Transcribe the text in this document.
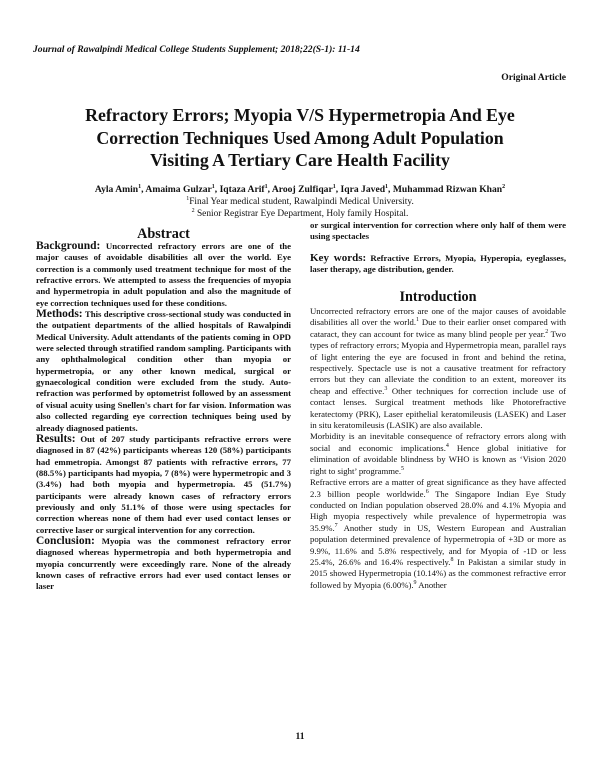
Journal of Rawalpindi Medical College Students Supplement; 2018;22(S-1): 11-14
Original Article
Refractory Errors; Myopia V/S Hypermetropia And Eye
Correction Techniques Used Among Adult Population
Visiting A Tertiary Care Health Facility
Ayla Amin$^1$, Amaima Gulzar$^1$, Iqtaza Arif$^1$, Arooj Zulfiqar$^1$, Iqra Javed$^1$, Muhammad Rizwan Khan$^2$
$^1$Final Year medical student, Rawalpindi Medical University.
$^2$ Senior Registrar Eye Department, Holy family Hospital.
Abstract
Background: Uncorrected refractory errors are one of the major causes of avoidable disabilities all over the world. Eye correction is a commonly used treatment technique for most of the refractive errors. We attempted to assess the frequencies of myopia and hypermetropia in adult population and also the magnitude of eye correction techniques used for these conditions.
Methods: This descriptive cross-sectional study was conducted in the outpatient departments of the allied hospitals of Rawalpindi Medical University. Adult attendants of the patients coming in OPD were selected through stratified random sampling. Participants with any ophthalmological condition other than myopia or hypermetropia, or any other known medical, surgical or gynaecological condition were excluded from the study. Auto-refraction was performed by optometrist followed by an assessment of visual acuity using Snellen's chart for far vision. Information was also collected regarding eye correction techniques being used by already diagnosed patients.
Results: Out of 207 study participants refractive errors were diagnosed in 87 (42%) participants whereas 120 (58%) participants had emmetropia. Amongst 87 patients with refractive errors, 77 (88.5%) participants had myopia, 7 (8%) were hypermetropic and 3 (3.4%) had both myopia and hypermetropia. 45 (51.7%) participants were already known cases of refractory errors previously and only 51.1% of those were using spectacles for correction whereas none of them had ever used contact lenses or corrective laser or surgical intervention for any correction.
Conclusion: Myopia was the commonest refractory error diagnosed whereas hypermetropia and both hypermetropia and myopia concurrently were exceedingly rare. None of the already known cases of refractive errors had ever used contact lenses or laser

or surgical intervention for correction where only half of them were using spectacles

Key words: Refractive Errors, Myopia, Hyperopia, eyeglasses, laser therapy, age distribution, gender.

Introduction

Uncorrected refractory errors are one of the major causes of avoidable disabilities all over the world.$^1$ Due to their earlier onset compared with cataract, they can account for twice as many blind people per year.$^2$ Two types of refractory errors; Myopia and Hypermetropia mean, parallel rays of light entering the eye are focused in front and behind the retina, respectively. Spectacle use is not a causative treatment for refractory errors but they can alleviate the condition to an extent, moreover its cheap and effective.$^3$ Other techniques for correction include use of contact lenses. Surgical treatment methods like Photorefractive keratectomy (PRK), Laser epithelial keratomileusis (LASEK) and Laser in situ keratomileusis (LASIK) are also available.

Morbidity is an inevitable consequence of refractory errors along with social and economic implications.$^4$ Hence global initiative for elimination of avoidable blindness by WHO is known as ‘Vision 2020 right to sight’ programme.$^5$

Refractive errors are a matter of great significance as they have affected 2.3 billion people worldwide.$^6$ The Singapore Indian Eye Study conducted on Indian population observed 28.0% and 4.1% Myopia and High myopia respectively while prevalence of hypermetropia was 35.9%.$^7$ Another study in US, Western European and Australian population determined prevalence of hypermetropia of +3D or more as 9.9%, 11.6% and 5.8% respectively, and for Myopia of -1D or less 25.4%, 26.6% and 16.4% respectively.$^8$ In Pakistan a similar study in 2015 showed Hypermetropia (10.14%) as the commonest refractive error followed by Myopia (6.00%).$^9$ Another

11
